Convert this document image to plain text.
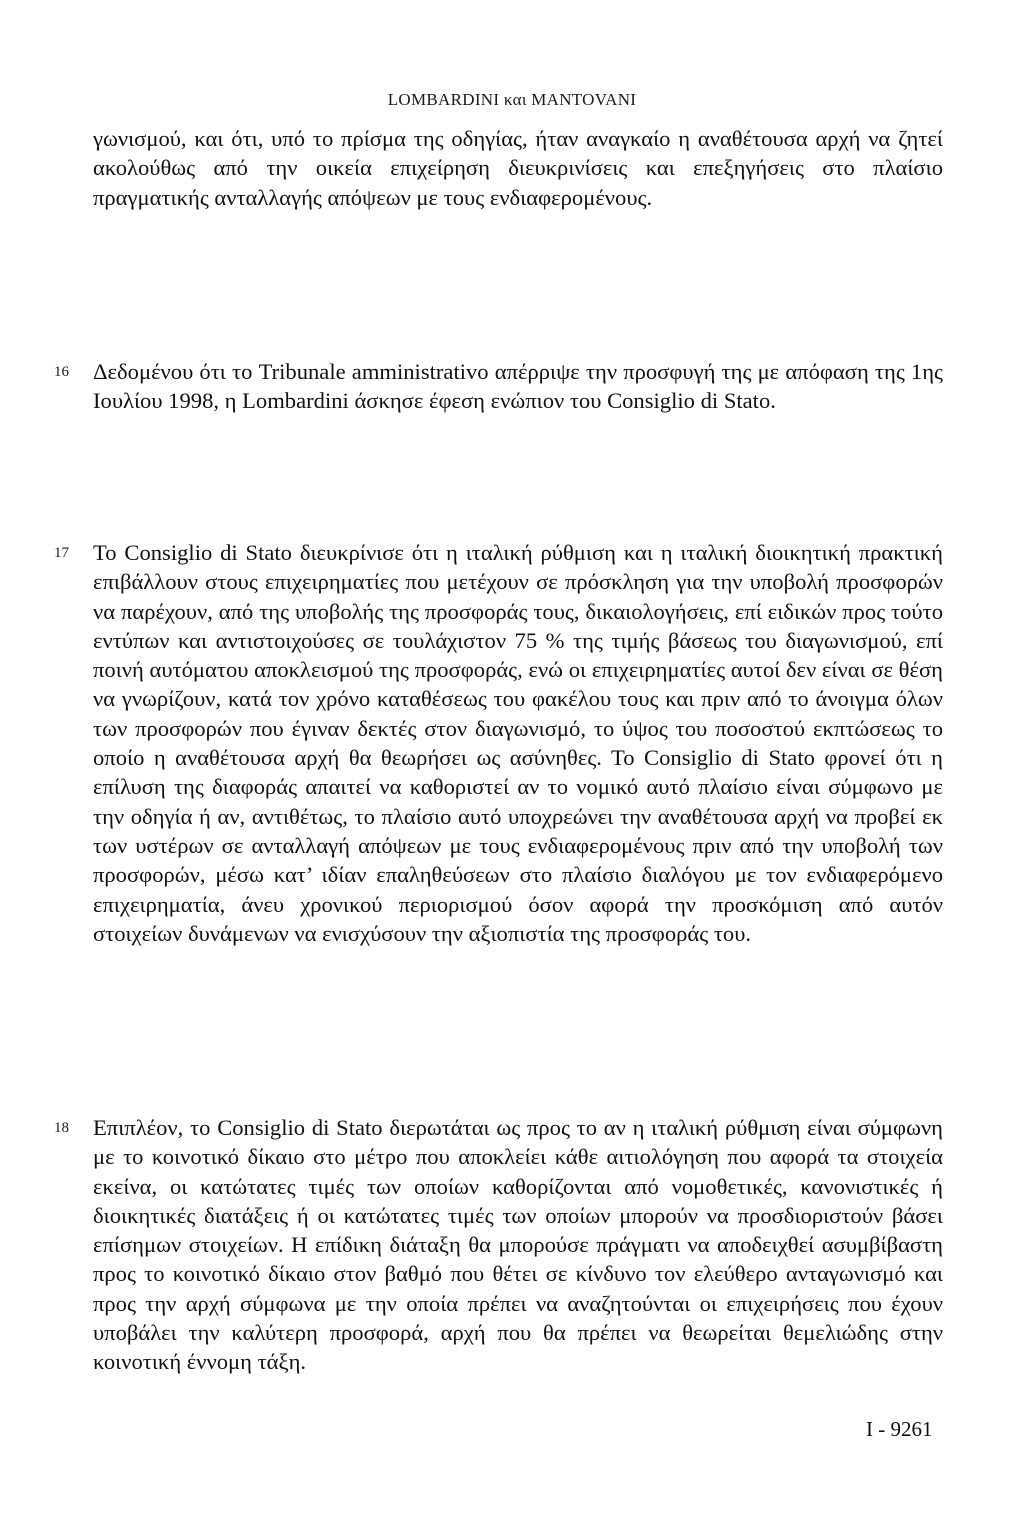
LOMBARDINI και MANTOVANI

γωνισμού, και ότι, υπό το πρίσμα της οδηγίας, ήταν αναγκαίο η αναθέτουσα αρχή να ζητεί ακολούθως από την οικεία επιχείρηση διευκρινίσεις και επεξηγήσεις στο πλαίσιο πραγματικής ανταλλαγής απόψεων με τους ενδιαφερομένους.

16 Δεδομένου ότι το Tribunale amministrativo απέρριψε την προσφυγή της με απόφαση της 1ης Ιουλίου 1998, η Lombardini άσκησε έφεση ενώπιον του Consiglio di Stato.

17 Το Consiglio di Stato διευκρίνισε ότι η ιταλική ρύθμιση και η ιταλική διοικητική πρακτική επιβάλλουν στους επιχειρηματίες που μετέχουν σε πρόσκληση για την υποβολή προσφορών να παρέχουν, από της υποβολής της προσφοράς τους, δικαιολογήσεις, επί ειδικών προς τούτο εντύπων και αντιστοιχούσες σε τουλάχιστον 75 % της τιμής βάσεως του διαγωνισμού, επί ποινή αυτόματου αποκλεισμού της προσφοράς, ενώ οι επιχειρηματίες αυτοί δεν είναι σε θέση να γνωρίζουν, κατά τον χρόνο καταθέσεως του φακέλου τους και πριν από το άνοιγμα όλων των προσφορών που έγιναν δεκτές στον διαγωνισμό, το ύψος του ποσοστού εκπτώσεως το οποίο η αναθέτουσα αρχή θα θεωρήσει ως ασύνηθες. Το Consiglio di Stato φρονεί ότι η επίλυση της διαφοράς απαιτεί να καθοριστεί αν το νομικό αυτό πλαίσιο είναι σύμφωνο με την οδηγία ή αν, αντιθέτως, το πλαίσιο αυτό υποχρεώνει την αναθέτουσα αρχή να προβεί εκ των υστέρων σε ανταλλαγή απόψεων με τους ενδιαφερομένους πριν από την υποβολή των προσφορών, μέσω κατ’ ιδίαν επαληθεύσεων στο πλαίσιο διαλόγου με τον ενδιαφερόμενο επιχειρηματία, άνευ χρονικού περιορισμού όσον αφορά την προσκόμιση από αυτόν στοιχείων δυνάμενων να ενισχύσουν την αξιοπιστία της προσφοράς του.

18 Επιπλέον, το Consiglio di Stato διερωτάται ως προς το αν η ιταλική ρύθμιση είναι σύμφωνη με το κοινοτικό δίκαιο στο μέτρο που αποκλείει κάθε αιτιολόγηση που αφορά τα στοιχεία εκείνα, οι κατώτατες τιμές των οποίων καθορίζονται από νομοθετικές, κανονιστικές ή διοικητικές διατάξεις ή οι κατώτατες τιμές των οποίων μπορούν να προσδιοριστούν βάσει επίσημων στοιχείων. Η επίδικη διάταξη θα μπορούσε πράγματι να αποδειχθεί ασυμβίβαστη προς το κοινοτικό δίκαιο στον βαθμό που θέτει σε κίνδυνο τον ελεύθερο ανταγωνισμό και προς την αρχή σύμφωνα με την οποία πρέπει να αναζητούνται οι επιχειρήσεις που έχουν υποβάλει την καλύτερη προσφορά, αρχή που θα πρέπει να θεωρείται θεμελιώδης στην κοινοτική έννομη τάξη.

I - 9261
